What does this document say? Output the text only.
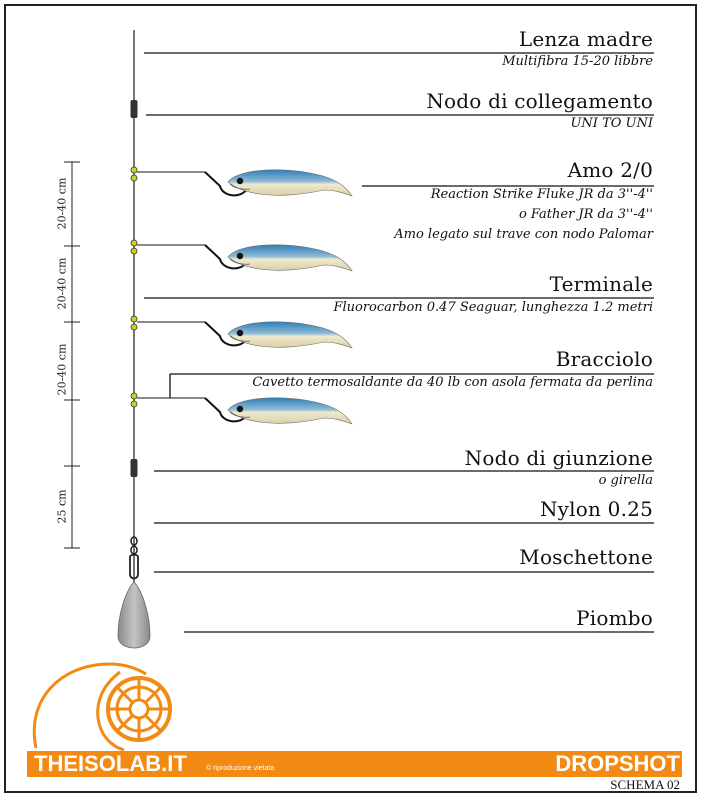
Lenza madre
Multifibra 15-20 libbre
Nodo di collegamento
UNI TO UNI
Amo 2/0
Reaction Strike Fluke JR da 3''-4''
o Father JR da 3''-4''
Amo legato sul trave con nodo Palomar
Terminale
Fluorocarbon 0.47 Seaguar, lunghezza 1.2 metri
Bracciolo
Cavetto termosaldante da 40 lb con asola fermata da perlina
Nodo di giunzione
o girella
Nylon 0.25
Moschettone
Piombo
20-40 cm
20-40 cm
20-40 cm
25 cm
THEISOLAB.IT	© riproduzione vietata	DROPSHOT
SCHEMA 02
